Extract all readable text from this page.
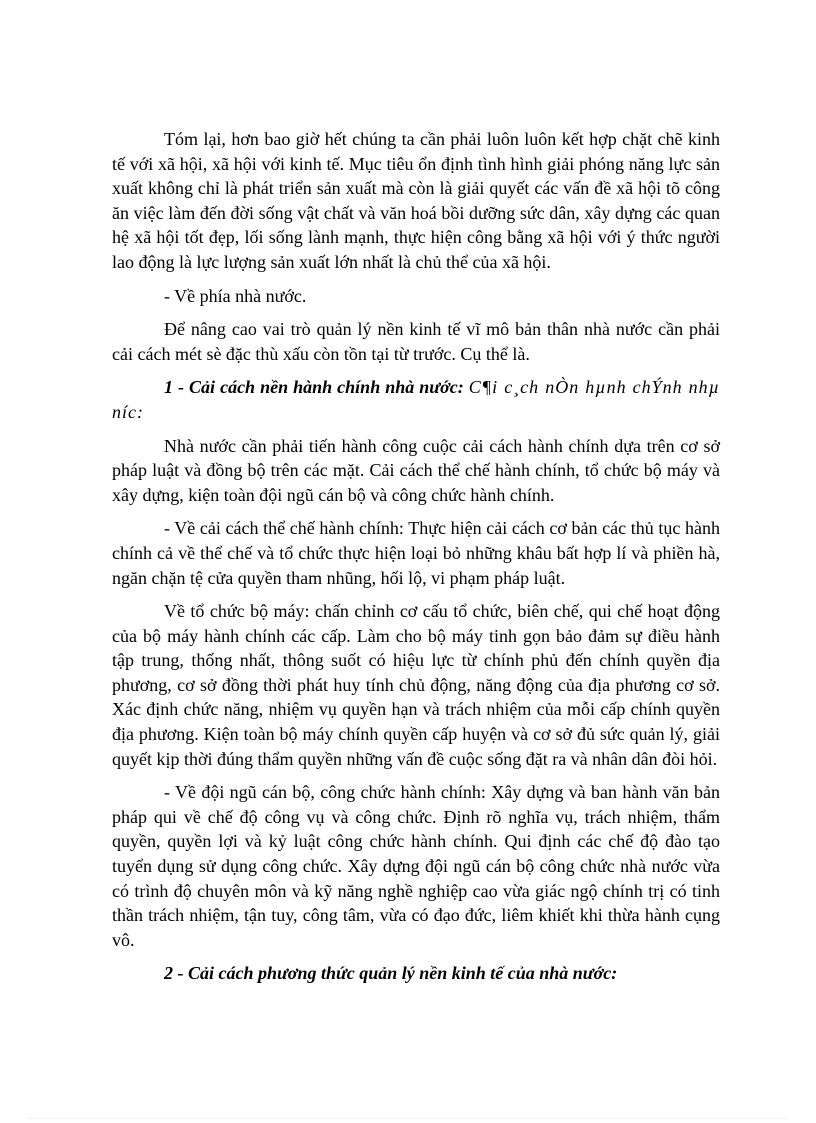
Tóm lại, hơn bao giờ hết chúng ta cần phải luôn luôn kết hợp chặt chẽ kinh tế với xã hội, xã hội với kinh tế. Mục tiêu ổn định tình hình giải phóng năng lực sản xuất không chỉ là phát triển sản xuất mà còn là giải quyết các vấn đề xã hội tõ công ăn việc làm đến đời sống vật chất và văn hoá bồi dưỡng sức dân, xây dựng các quan hệ xã hội tốt đẹp, lối sống lành mạnh, thực hiện công bằng xã hội với ý thức người lao động là lực lượng sản xuất lớn nhất là chủ thể của xã hội.

- Về phía nhà nước.

Để nâng cao vai trò quản lý nền kinh tế vĩ mô bản thân nhà nước cần phải cải cách mét sè đặc thù xấu còn tồn tại từ trước. Cụ thể là.

1 - Cải cách nền hành chính nhà nước: C¶i c¸ch nÒn hµnh chÝnh nhµ níc:

Nhà nước cần phải tiến hành công cuộc cải cách hành chính dựa trên cơ sở pháp luật và đồng bộ trên các mặt. Cải cách thể chế hành chính, tổ chức bộ máy và xây dựng, kiện toàn đội ngũ cán bộ và công chức hành chính.

- Về cải cách thể chế hành chính: Thực hiện cải cách cơ bản các thủ tục hành chính cả về thể chế và tổ chức thực hiện loại bỏ những khâu bất hợp lí và phiền hà, ngăn chặn tệ cửa quyền tham nhũng, hối lộ, vi phạm pháp luật.

Về tổ chức bộ máy: chấn chỉnh cơ cấu tổ chức, biên chế, qui chế hoạt động của bộ máy hành chính các cấp. Làm cho bộ máy tinh gọn bảo đảm sự điều hành tập trung, thống nhất, thông suốt có hiệu lực từ chính phủ đến chính quyền địa phương, cơ sở đồng thời phát huy tính chủ động, năng động của địa phương cơ sở. Xác định chức năng, nhiệm vụ quyền hạn và trách nhiệm của mỗi cấp chính quyền địa phương. Kiện toàn bộ máy chính quyền cấp huyện và cơ sở đủ sức quản lý, giải quyết kịp thời đúng thẩm quyền những vấn đề cuộc sống đặt ra và nhân dân đòi hỏi.

- Về đội ngũ cán bộ, công chức hành chính: Xây dựng và ban hành văn bản pháp qui về chế độ công vụ và công chức. Định rõ nghĩa vụ, trách nhiệm, thẩm quyền, quyền lợi và kỷ luật công chức hành chính. Qui định các chế độ đào tạo tuyển dụng sử dụng công chức. Xây dựng đội ngũ cán bộ công chức nhà nước vừa có trình độ chuyên môn và kỹ năng nghề nghiệp cao vừa giác ngộ chính trị có tinh thần trách nhiệm, tận tuy, công tâm, vừa có đạo đức, liêm khiết khi thừa hành cụng vô.

2 - Cải cách phương thức quản lý nền kinh tế của nhà nước:
